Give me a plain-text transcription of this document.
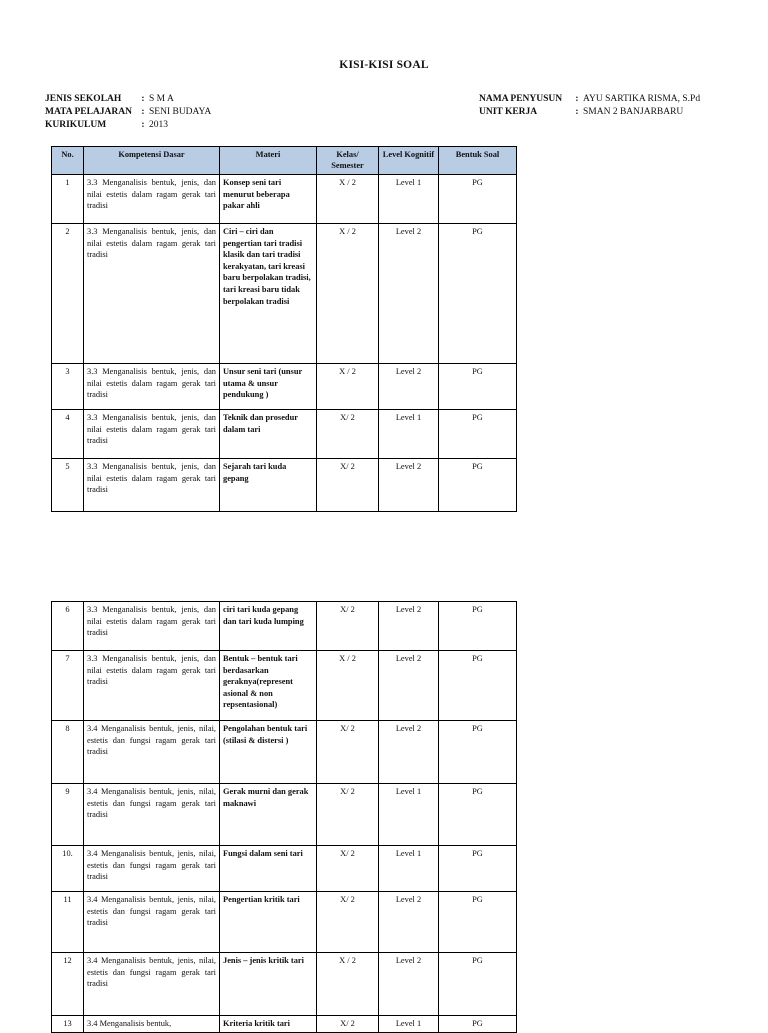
KISI-KISI SOAL
JENIS SEKOLAH	: S M A
MATA PELAJARAN : SENI BUDAYA
KURIKULUM	: 2013
NAMA PENYUSUN	: AYU SARTIKA RISMA, S.Pd
UNIT KERJA	: SMAN 2 BANJARBARU
No.	Kompetensi Dasar	Materi	Kelas/ Semester	Level Kognitif	Bentuk Soal
1	3.3 Menganalisis bentuk, jenis, dan nilai estetis dalam ragam gerak tari tradisi	Konsep seni tari menurut beberapa pakar ahli	X / 2	Level 1	PG
2	3.3 Menganalisis bentuk, jenis, dan nilai estetis dalam ragam gerak tari tradisi	Ciri – ciri dan pengertian tari tradisi klasik dan tari tradisi kerakyatan, tari kreasi baru berpolakan tradisi, tari kreasi baru tidak berpolakan tradisi	X / 2	Level 2	PG
3	3.3 Menganalisis bentuk, jenis, dan nilai estetis dalam ragam gerak tari tradisi	Unsur seni tari (unsur utama & unsur pendukung )	X / 2	Level 2	PG
4	3.3 Menganalisis bentuk, jenis, dan nilai estetis dalam ragam gerak tari tradisi	Teknik dan prosedur dalam tari	X/ 2	Level 1	PG
5	3.3 Menganalisis bentuk, jenis, dan nilai estetis dalam ragam gerak tari tradisi	Sejarah tari kuda gepang	X/ 2	Level 2	PG
6	3.3 Menganalisis bentuk, jenis, dan nilai estetis dalam ragam gerak tari tradisi	ciri tari kuda gepang dan tari kuda lumping	X/ 2	Level 2	PG
7	3.3 Menganalisis bentuk, jenis, dan nilai estetis dalam ragam gerak tari tradisi	Bentuk – bentuk tari berdasarkan geraknya(represent asional & non repsentasional)	X / 2	Level 2	PG
8	3.4 Menganalisis bentuk, jenis, nilai, estetis dan fungsi ragam gerak tari tradisi	Pengolahan bentuk tari (stilasi & distersi )	X/ 2	Level 2	PG
9	3.4 Menganalisis bentuk, jenis, nilai, estetis dan fungsi ragam gerak tari tradisi	Gerak murni dan gerak maknawi	X/ 2	Level 1	PG
10.	3.4 Menganalisis bentuk, jenis, nilai, estetis dan fungsi ragam gerak tari tradisi	Fungsi dalam seni tari	X/ 2	Level 1	PG
11	3.4 Menganalisis bentuk, jenis, nilai, estetis dan fungsi ragam gerak tari tradisi	Pengertian kritik tari	X/ 2	Level 2	PG
12	3.4 Menganalisis bentuk, jenis, nilai, estetis dan fungsi ragam gerak tari tradisi	Jenis – jenis kritik tari	X / 2	Level 2	PG
13	3.4 Menganalisis bentuk,	Kriteria kritik tari	X/ 2	Level 1	PG
